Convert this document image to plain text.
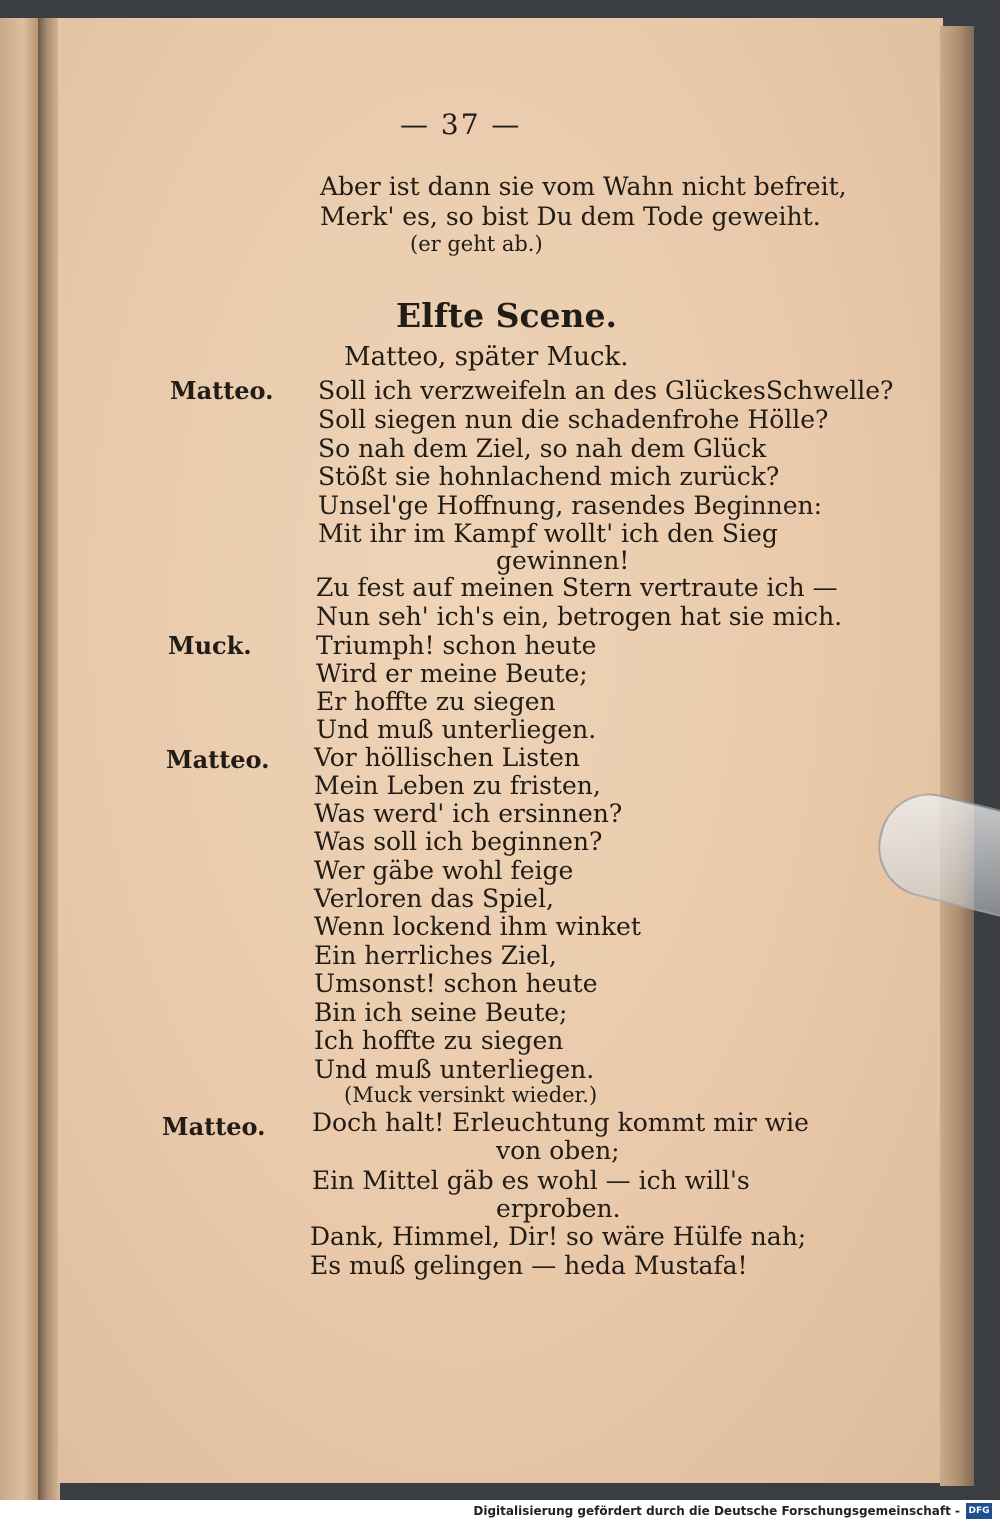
— 37 —
Aber ist dann sie vom Wahn nicht befreit,
Merk' es, so bist Du dem Tode geweiht.
(er geht ab.)
Elfte Scene.
Matteo, später Muck.
Matteo. Soll ich verzweifeln an des GlückesSchwelle?
Soll siegen nun die schadenfrohe Hölle?
So nah dem Ziel, so nah dem Glück
Stößt sie hohnlachend mich zurück?
Unsel'ge Hoffnung, rasendes Beginnen:
Mit ihr im Kampf wollt' ich den Sieg
gewinnen!
Zu fest auf meinen Stern vertraute ich —
Nun seh' ich's ein, betrogen hat sie mich.
Muck.	Triumph! schon heute
Wird er meine Beute;
Er hoffte zu siegen
Und muß unterliegen.
Matteo. Vor höllischen Listen
Mein Leben zu fristen,
Was werd' ich ersinnen?
Was soll ich beginnen?
Wer gäbe wohl feige
Verloren das Spiel,
Wenn lockend ihm winket
Ein herrliches Ziel,
Umsonst! schon heute
Bin ich seine Beute;
Ich hoffte zu siegen
Und muß unterliegen.
(Muck versinkt wieder.)
Matteo. Doch halt! Erleuchtung kommt mir wie
von oben;
Ein Mittel gäb es wohl — ich will's
erproben.
Dank, Himmel, Dir! so wäre Hülfe nah;
Es muß gelingen — heda Mustafa!
Digitalisierung gefördert durch die Deutsche Forschungsgemeinschaft - DFG
